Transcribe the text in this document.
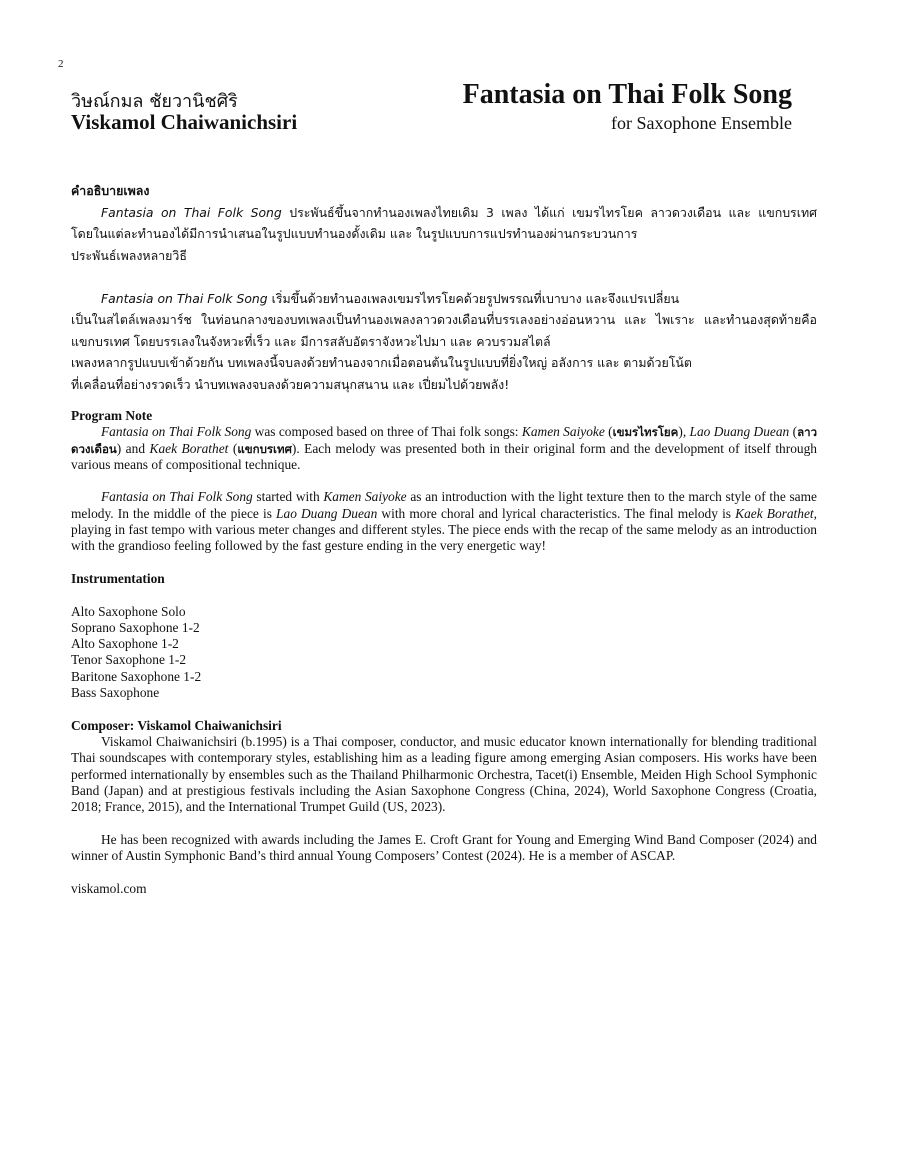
2
วิษณ์กมล ชัยวานิชศิริ
Viskamol Chaiwanichsiri
Fantasia on Thai Folk Song
for Saxophone Ensemble

คำอธิบายเพลง

Fantasia on Thai Folk Song ประพันธ์ขึ้นจากทำนองเพลงไทยเดิม 3 เพลง ได้แก่ เขมรไทรโยค ลาวดวงเดือน และ แขกบรเทศ

โดยในแต่ละทำนองได้มีการนำเสนอในรูปแบบทำนองดั้งเดิม และ ในรูปแบบการแปรทำนองผ่านกระบวนการ

ประพันธ์เพลงหลายวิธี

Fantasia on Thai Folk Song เริ่มขึ้นด้วยทำนองเพลงเขมรไทรโยคด้วยรูปพรรณที่เบาบาง และจึงแปรเปลี่ยน

เป็นในสไตล์เพลงมาร์ช ในท่อนกลางของบทเพลงเป็นทำนองเพลงลาวดวงเดือนที่บรรเลงอย่างอ่อนหวาน และ ไพเราะ และทำนองสุดท้ายคือ

แขกบรเทศ โดยบรรเลงในจังหวะที่เร็ว และ มีการสลับอัตราจังหวะไปมา และ ควบรวมสไตล์

เพลงหลากรูปแบบเข้าด้วยกัน บทเพลงนี้จบลงด้วยทำนองจากเมื่อตอนต้นในรูปแบบที่ยิ่งใหญ่ อลังการ และ ตามด้วยโน้ต

ที่เคลื่อนที่อย่างรวดเร็ว นำบทเพลงจบลงด้วยความสนุกสนาน และ เปี่ยมไปด้วยพลัง!

Program Note

Fantasia on Thai Folk Song was composed based on three of Thai folk songs: Kamen Saiyoke (เขมรไทรโยค), Lao Duang Duean (ลาวดวงเดือน) and Kaek Borathet (แขกบรเทศ). Each melody was presented both in their original form and the development of itself through various means of compositional technique.

Fantasia on Thai Folk Song started with Kamen Saiyoke as an introduction with the light texture then to the march style of the same melody. In the middle of the piece is Lao Duang Duean with more choral and lyrical characteristics. The final melody is Kaek Borathet, playing in fast tempo with various meter changes and different styles. The piece ends with the recap of the same melody as an introduction with the grandioso feeling followed by the fast gesture ending in the very energetic way!

Instrumentation

Alto Saxophone Solo
Soprano Saxophone 1-2
Alto Saxophone 1-2
Tenor Saxophone 1-2
Baritone Saxophone 1-2
Bass Saxophone

Composer: Viskamol Chaiwanichsiri

Viskamol Chaiwanichsiri (b.1995) is a Thai composer, conductor, and music educator known internationally for blending traditional Thai soundscapes with contemporary styles, establishing him as a leading figure among emerging Asian composers. His works have been performed internationally by ensembles such as the Thailand Philharmonic Orchestra, Tacet(i) Ensemble, Meiden High School Symphonic Band (Japan) and at prestigious festivals including the Asian Saxophone Congress (China, 2024), World Saxophone Congress (Croatia, 2018; France, 2015), and the International Trumpet Guild (US, 2023).

He has been recognized with awards including the James E. Croft Grant for Young and Emerging Wind Band Composer (2024) and winner of Austin Symphonic Band’s third annual Young Composers’ Contest (2024). He is a member of ASCAP.

viskamol.com
